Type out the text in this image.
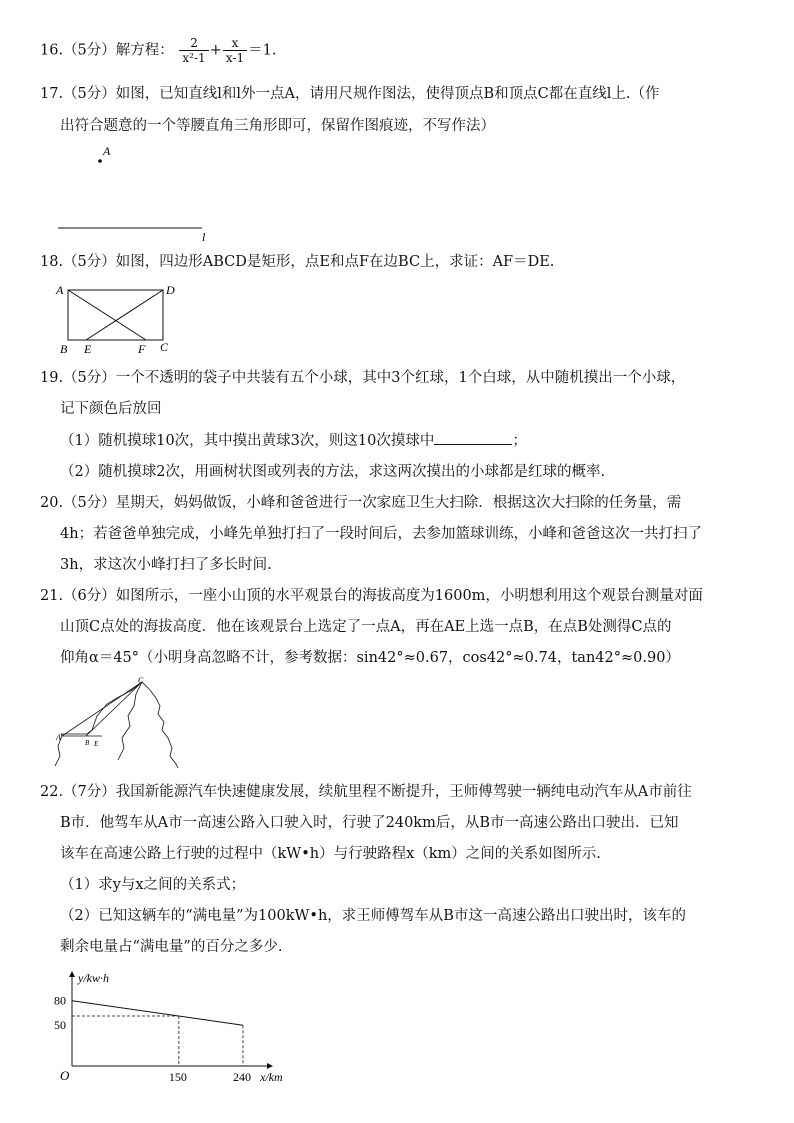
16.（5分）解方程： $\frac{2}{\text{x²-1}} + \frac{x}{x-1} =1$.
17.（5分）如图，已知直线l和l外一点A，请用尺规作图法，使得顶点B和顶点C都在直线l上.（作
出符合题意的一个等腰直角三角形即可，保留作图痕迹，不写作法）
A
l
18.（5分）如图，四边形ABCD是矩形，点E和点F在边BC上，求证：AF＝DE.
A	D
B E	F C
19.（5分）一个不透明的袋子中共装有五个小球，其中3个红球，1个白球，从中随机摸出一个小球，
记下颜色后放回
（1）随机摸球10次，其中摸出黄球3次，则这10次摸球中	；
（2）随机摸球2次，用画树状图或列表的方法，求这两次摸出的小球都是红球的概率.
20.（5分）星期天，妈妈做饭，小峰和爸爸进行一次家庭卫生大扫除．根据这次大扫除的任务量，需
4h；若爸爸单独完成，小峰先单独打扫了一段时间后，去参加篮球训练，小峰和爸爸这次一共打扫了
3h，求这次小峰打扫了多长时间.
21.（6分）如图所示，一座小山顶的水平观景台的海拔高度为1600m，小明想利用这个观景台测量对面
山顶C点处的海拔高度．他在该观景台上选定了一点A，再在AE上选一点B，在点B处测得C点的
仰角α＝45°（小明身高忽略不计，参考数据：sin42°≈0.67，cos42°≈0.74，tan42°≈0.90）
C
A
B E
22.（7分）我国新能源汽车快速健康发展，续航里程不断提升，王师傅驾驶一辆纯电动汽车从A市前往
B市．他驾车从A市一高速公路入口驶入时，行驶了240km后，从B市一高速公路出口驶出．已知
该车在高速公路上行驶的过程中（kW•h）与行驶路程x（km）之间的关系如图所示.
（1）求y与x之间的关系式；
（2）已知这辆车的“满电量”为100kW•h，求王师傅驾车从B市这一高速公路出口驶出时，该车的
剩余电量占“满电量”的百分之多少.
y/kw·h
x/km
O
80
50
150	240
